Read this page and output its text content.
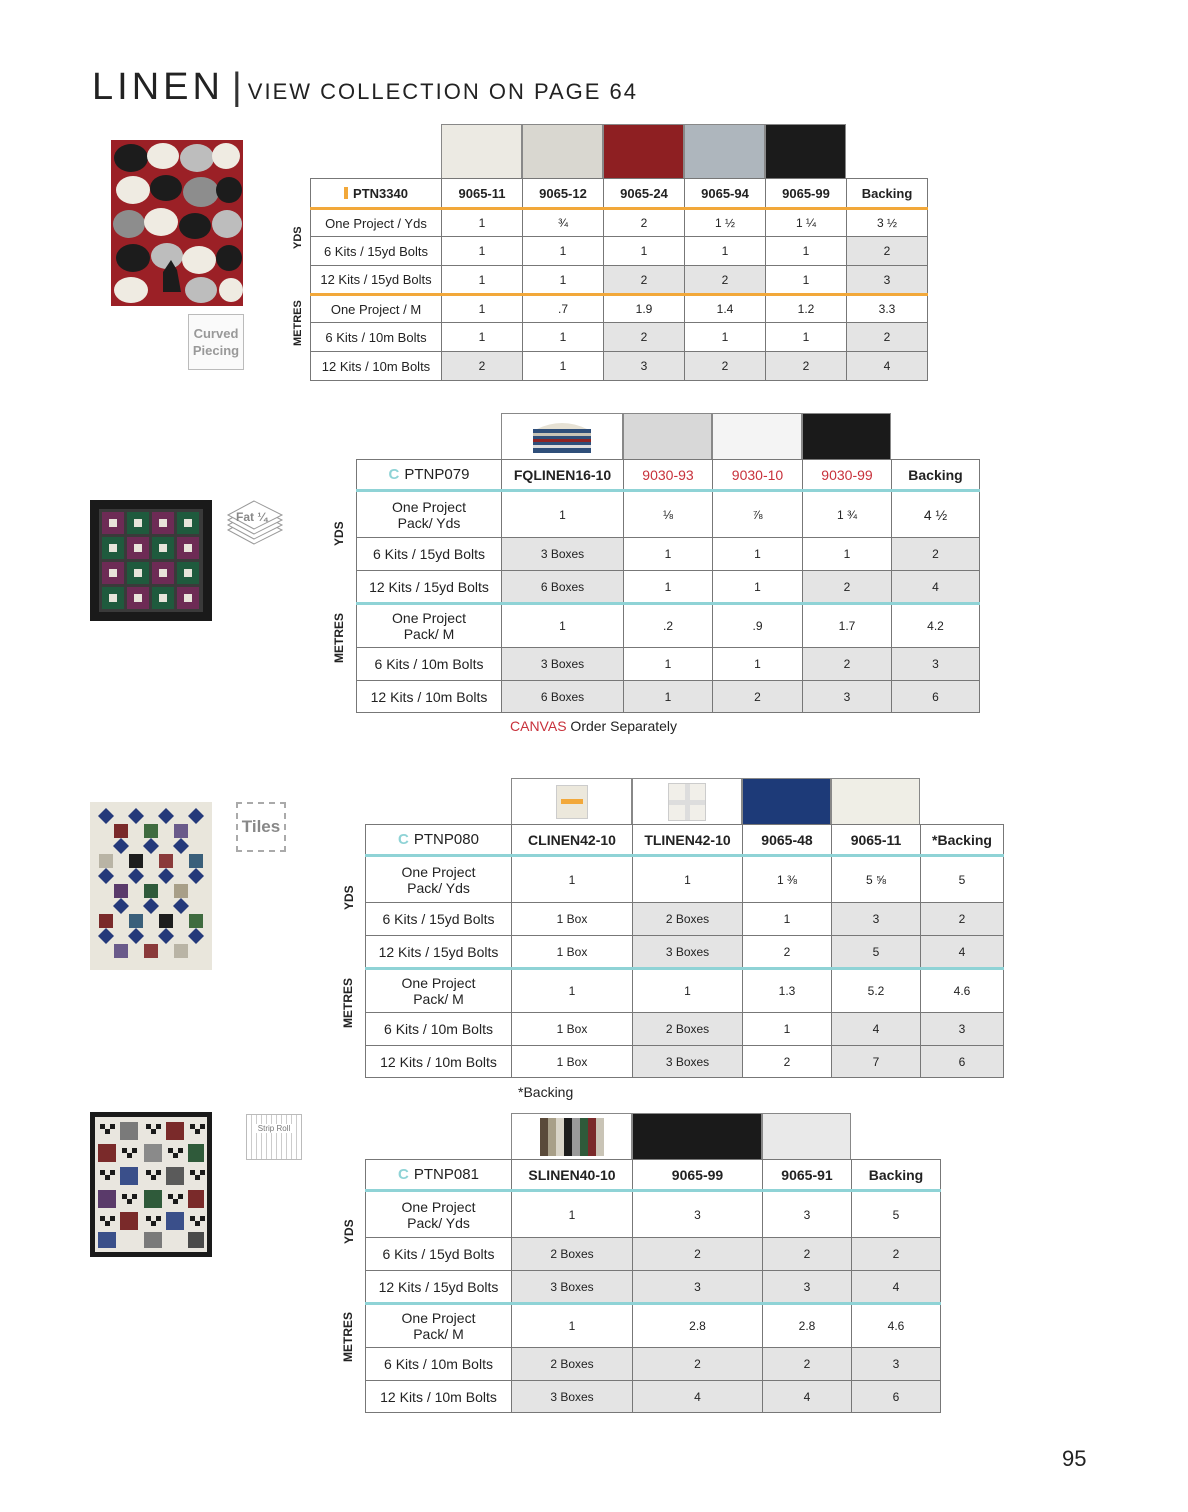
LINEN | VIEW COLLECTION ON PAGE 64
Curved Piecing
YDS
METRES
PTN3340	9065-11	9065-12	9065-24	9065-94	9065-99	Backing
One Project / Yds	1	¾	2	1 ½	1 ¼	3 ½
6 Kits / 15yd Bolts	1	1	1	1	1	2
12 Kits / 15yd Bolts	1	1	2	2	1	3
One Project / M	1	.7	1.9	1.4	1.2	3.3
6 Kits / 10m Bolts	1	1	2	1	1	2
12 Kits / 10m Bolts	2	1	3	2	2	4
Fat ¼
YDS
METRES
C PTNP079	FQLINEN16-10	9030-93	9030-10	9030-99	Backing
One Project Pack/ Yds	1	⅛	⅞	1 ¾	4 ½
6 Kits / 15yd Bolts	3 Boxes	1	1	1	2
12 Kits / 15yd Bolts	6 Boxes	1	1	2	4
One Project Pack/ M	1	.2	.9	1.7	4.2
6 Kits / 10m Bolts	3 Boxes	1	1	2	3
12 Kits / 10m Bolts	6 Boxes	1	2	3	6
CANVAS Order Separately
Tiles
YDS
METRES
C PTNP080	CLINEN42-10	TLINEN42-10	9065-48	9065-11	*Backing
One Project Pack/ Yds	1	1	1 ⅜	5 ⅝	5
6 Kits / 15yd Bolts	1 Box	2 Boxes	1	3	2
12 Kits / 15yd Bolts	1 Box	3 Boxes	2	5	4
One Project Pack/ M	1	1	1.3	5.2	4.6
6 Kits / 10m Bolts	1 Box	2 Boxes	1	4	3
12 Kits / 10m Bolts	1 Box	3 Boxes	2	7	6
*Backing
Strip Roll
YDS
METRES
C PTNP081	SLINEN40-10	9065-99	9065-91	Backing
One Project Pack/ Yds	1	3	3	5
6 Kits / 15yd Bolts	2 Boxes	2	2	2
12 Kits / 15yd Bolts	3 Boxes	3	3	4
One Project Pack/ M	1	2.8	2.8	4.6
6 Kits / 10m Bolts	2 Boxes	2	2	3
12 Kits / 10m Bolts	3 Boxes	4	4	6
95
